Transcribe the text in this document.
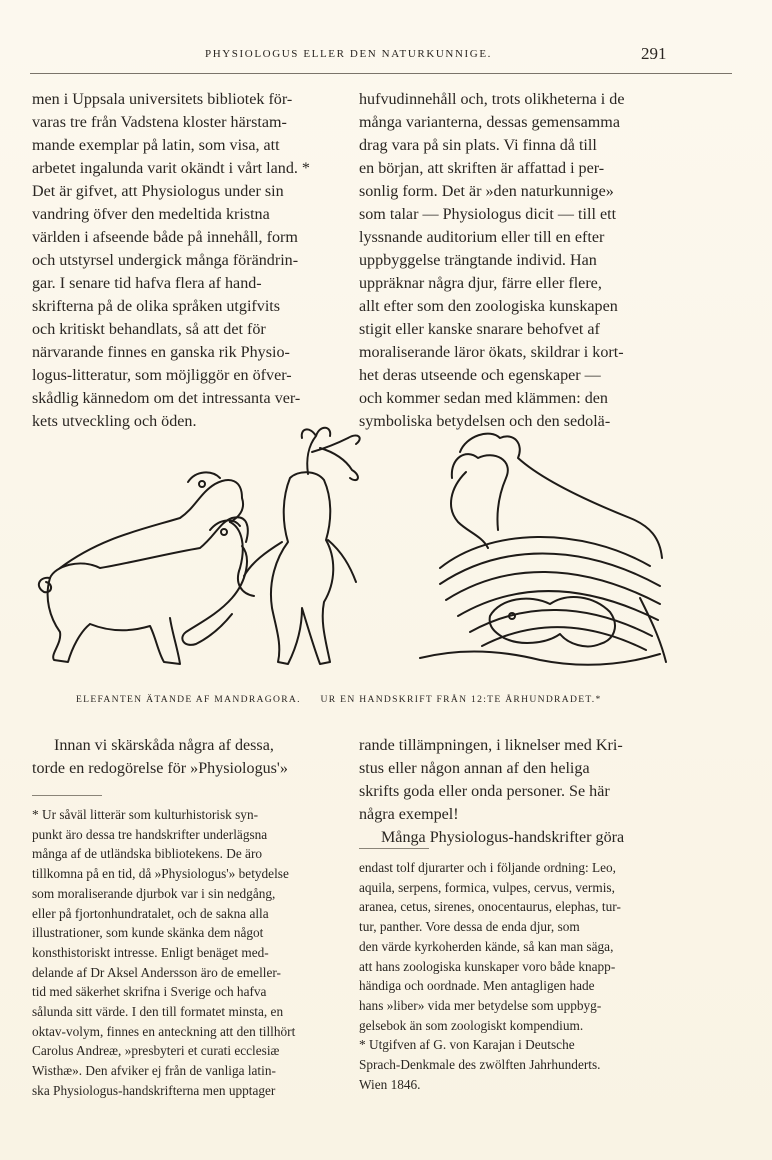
PHYSIOLOGUS ELLER DEN NATURKUNNIGE.	291

men i Uppsala universitets bibliotek för-

varas tre från Vadstena kloster härstam-

mande exemplar på latin, som visa, att

arbetet ingalunda varit okändt i vårt land. *

Det är gifvet, att Physiologus under sin

vandring öfver den medeltida kristna

världen i afseende både på innehåll, form

och utstyrsel undergick många förändrin-

gar. I senare tid hafva flera af hand-

skrifterna på de olika språken utgifvits

och kritiskt behandlats, så att det för

närvarande finnes en ganska rik Physio-

logus-litteratur, som möjliggör en öfver-

skådlig kännedom om det intressanta ver-

kets utveckling och öden.

hufvudinnehåll och, trots olikheterna i de

många varianterna, dessas gemensamma

drag vara på sin plats. Vi finna då till

en början, att skriften är affattad i per-

sonlig form. Det är »den naturkunnige»

som talar — Physiologus dicit — till ett

lyssnande auditorium eller till en efter

uppbyggelse trängtande individ. Han

uppräknar några djur, färre eller flere,

allt efter som den zoologiska kunskapen

stigit eller kanske snarare behofvet af

moraliserande läror ökats, skildrar i kort-

het deras utseende och egenskaper —

och kommer sedan med klämmen: den

symboliska betydelsen och den sedolä-

ELEFANTEN ÄTANDE AF MANDRAGORA. UR EN HANDSKRIFT FRÅN 12:TE ÅRHUNDRADET.*

Innan vi skärskåda några af dessa,

torde en redogörelse för »Physiologus'»

rande tillämpningen, i liknelser med Kri-

stus eller någon annan af den heliga

skrifts goda eller onda personer. Se här

några exempel!

Många Physiologus-handskrifter göra

* Ur såväl litterär som kulturhistorisk syn-

punkt äro dessa tre handskrifter underlägsna

många af de utländska bibliotekens. De äro

tillkomna på en tid, då »Physiologus'» betydelse

som moraliserande djurbok var i sin nedgång,

eller på fjortonhundratalet, och de sakna alla

illustrationer, som kunde skänka dem något

konsthistoriskt intresse. Enligt benäget med-

delande af Dr Aksel Andersson äro de emeller-

tid med säkerhet skrifna i Sverige och hafva

sålunda sitt värde. I den till formatet minsta, en

oktav-volym, finnes en anteckning att den tillhört

Carolus Andreæ, »presbyteri et curati ecclesiæ

Wisthæ». Den afviker ej från de vanliga latin-

ska Physiologus-handskrifterna men upptager

endast tolf djurarter och i följande ordning: Leo,

aquila, serpens, formica, vulpes, cervus, vermis,

aranea, cetus, sirenes, onocentaurus, elephas, tur-

tur, panther. Vore dessa de enda djur, som

den värde kyrkoherden kände, så kan man säga,

att hans zoologiska kunskaper voro både knapp-

händiga och oordnade. Men antagligen hade

hans »liber» vida mer betydelse som uppbyg-

gelsebok än som zoologiskt kompendium.

* Utgifven af G. von Karajan i Deutsche

Sprach-Denkmale des zwölften Jahrhunderts.

Wien 1846.
